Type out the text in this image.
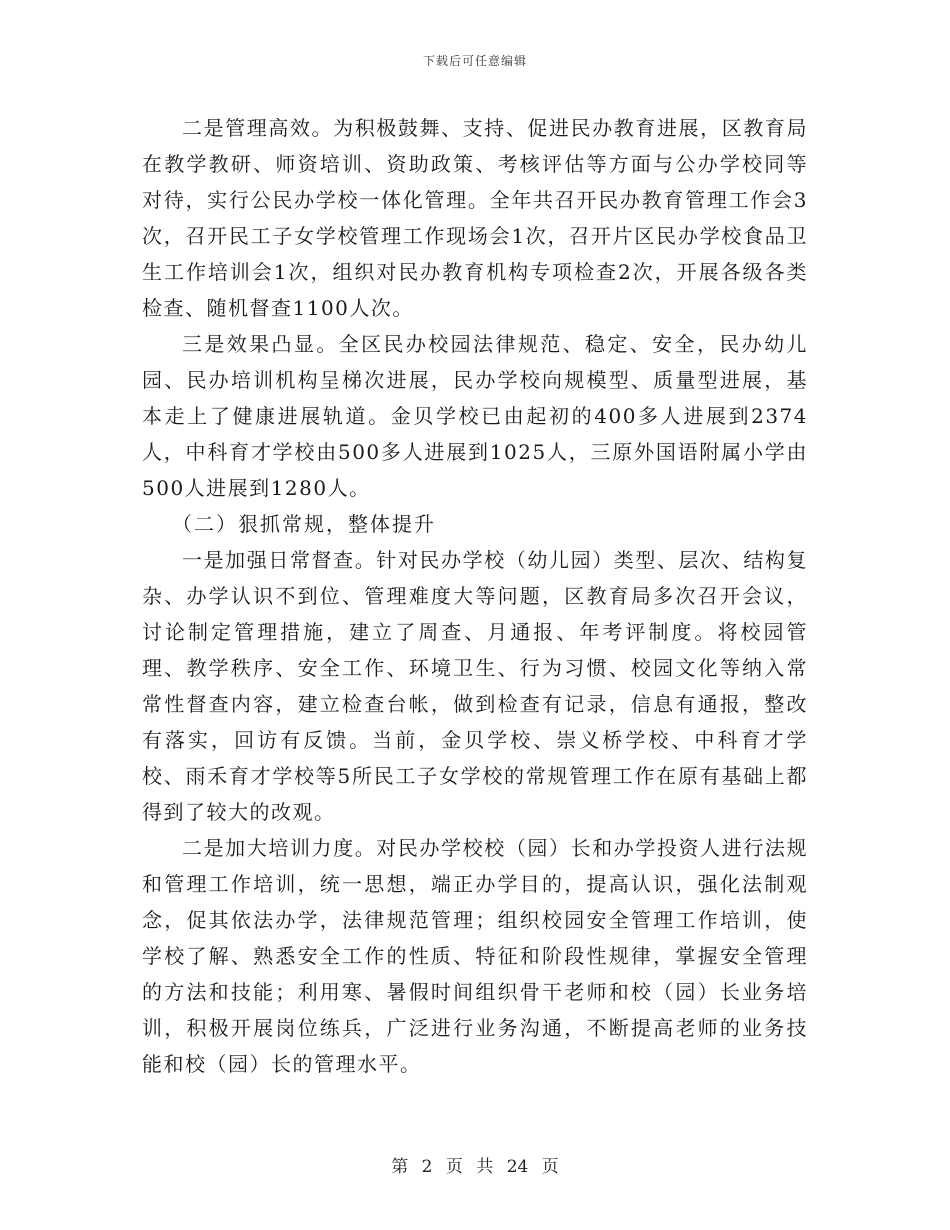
下载后可任意编辑

二是管理高效。为积极鼓舞、支持、促进民办教育进展，区教育局在教学教研、师资培训、资助政策、考核评估等方面与公办学校同等对待，实行公民办学校一体化管理。全年共召开民办教育管理工作会3次，召开民工子女学校管理工作现场会1次，召开片区民办学校食品卫生工作培训会1次，组织对民办教育机构专项检查2次，开展各级各类检查、随机督查1100人次。

三是效果凸显。全区民办校园法律规范、稳定、安全，民办幼儿园、民办培训机构呈梯次进展，民办学校向规模型、质量型进展，基本走上了健康进展轨道。金贝学校已由起初的400多人进展到2374人，中科育才学校由500多人进展到1025人，三原外国语附属小学由500人进展到1280人。

（二）狠抓常规，整体提升

一是加强日常督查。针对民办学校（幼儿园）类型、层次、结构复杂、办学认识不到位、管理难度大等问题，区教育局多次召开会议，讨论制定管理措施，建立了周查、月通报、年考评制度。将校园管理、教学秩序、安全工作、环境卫生、行为习惯、校园文化等纳入常常性督查内容，建立检查台帐，做到检查有记录，信息有通报，整改有落实，回访有反馈。当前，金贝学校、崇义桥学校、中科育才学校、雨禾育才学校等5所民工子女学校的常规管理工作在原有基础上都得到了较大的改观。

二是加大培训力度。对民办学校校（园）长和办学投资人进行法规和管理工作培训，统一思想，端正办学目的，提高认识，强化法制观念，促其依法办学，法律规范管理；组织校园安全管理工作培训，使学校了解、熟悉安全工作的性质、特征和阶段性规律，掌握安全管理的方法和技能；利用寒、暑假时间组织骨干老师和校（园）长业务培训，积极开展岗位练兵，广泛进行业务沟通，不断提高老师的业务技能和校（园）长的管理水平。

第 2 页 共 24 页
